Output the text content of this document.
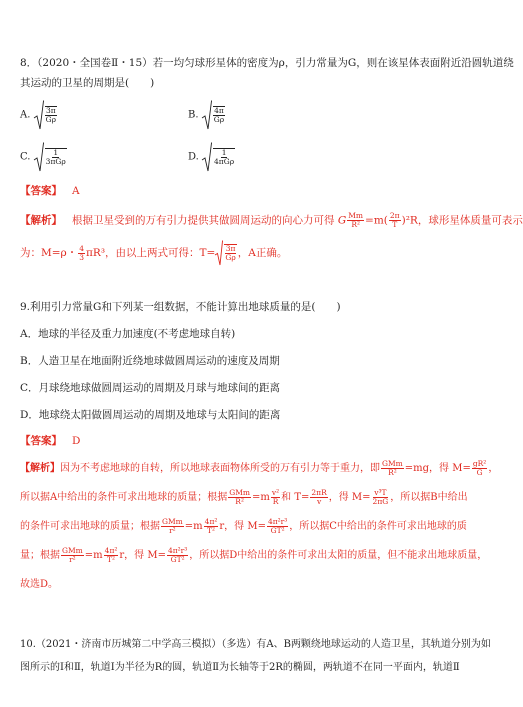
8．（2020・全国卷Ⅱ・15）若一均匀球形星体的密度为ρ，引力常量为G，则在该星体表面附近沿圆轨道绕
其运动的卫星的周期是(　　)
A. $\frac{3\pi}{G\rho}$	B. $\frac{4\pi}{G\rho}$
C. $\frac{1}{\text{3πGρ}}$	D. $\frac{1}{\text{4πGρ}}$
【答案】 A
【解析】 根据卫星受到的万有引力提供其做圆周运动的向心力可得 G $\frac{Mm}{\text{R²}} =m( \frac{2\pi}{T} )^2R$，球形星体质量可表示
为：M=ρ・ $\frac{4}{3} \pi R^3$，由以上两式可得：$T= \frac{3\pi}{G\rho}$ ，A正确。
9.利用引力常量G和下列某一组数据，不能计算出地球质量的是(　　)
A．地球的半径及重力加速度(不考虑地球自转)
B．人造卫星在地面附近绕地球做圆周运动的速度及周期
C．月球绕地球做圆周运动的周期及月球与地球间的距离
D．地球绕太阳做圆周运动的周期及地球与太阳间的距离
【答案】 D
【解析】因为不考虑地球的自转，所以地球表面物体所受的万有引力等于重力，即 $\frac{\text{GMm}}{\text{R²}} =mg$，得 $M= \frac{\text{gR²}}{G}$ ，
所以据A中给出的条件可求出地球的质量；根据 $\frac{\text{GMm}}{\text{R²}} =m \frac{\text{v²}}{R}$ 和 $T= \frac{2\pi R}{v}$ ，得 $M= \frac{\text{v³T}}{2\pi G}$ ，所以据B中给出
的条件可求出地球的质量；根据 $\frac{\text{GMm}}{\text{r²}} =m \frac{\text{4π²}}{\text{T²}}$ r，得 $M= \frac{\text{4π²r³}}{\text{GT²}}$ ，所以据C中给出的条件可求出地球的质
量；根据 $\frac{\text{GMm}}{\text{r²}} =m \frac{\text{4π²}}{\text{T²}}$ r，得 $M= \frac{\text{4π²r³}}{\text{GT²}}$ ，所以据D中给出的条件可求出太阳的质量，但不能求出地球质量，
故选D。
10.（2021・济南市历城第二中学高三模拟）（多选）有A、B两颗绕地球运动的人造卫星，其轨道分别为如
图所示的Ⅰ和Ⅱ，轨道Ⅰ为半径为R的圆，轨道Ⅱ为长轴等于2R的椭圆，两轨道不在同一平面内，轨道Ⅱ
